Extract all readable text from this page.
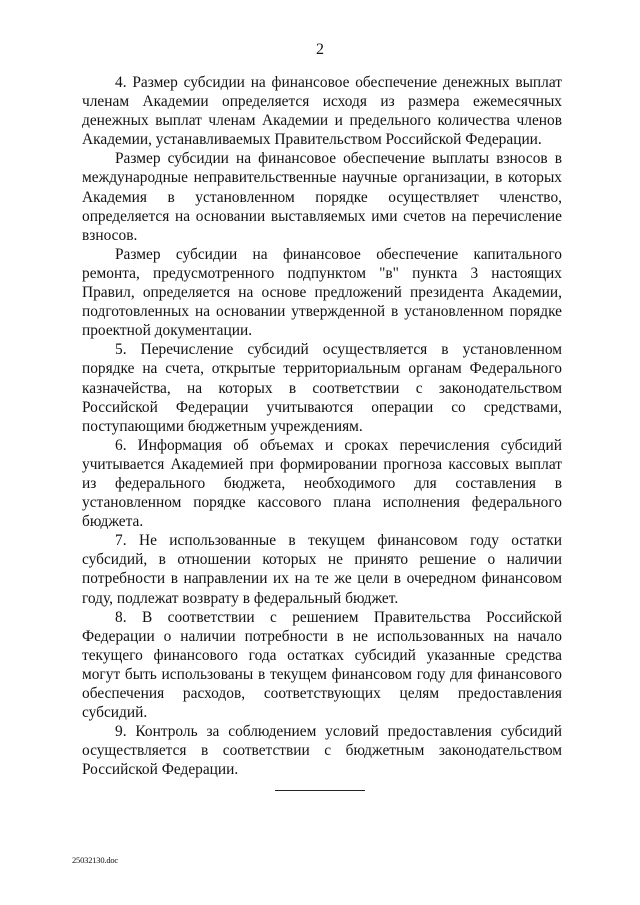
2

4. Размер субсидии на финансовое обеспечение денежных выплат членам Академии определяется исходя из размера ежемесячных денежных выплат членам Академии и предельного количества членов Академии, устанавливаемых Правительством Российской Федерации.

Размер субсидии на финансовое обеспечение выплаты взносов в международные неправительственные научные организации, в которых Академия в установленном порядке осуществляет членство, определяется на основании выставляемых ими счетов на перечисление взносов.

Размер субсидии на финансовое обеспечение капитального ремонта, предусмотренного подпунктом "в" пункта 3 настоящих Правил, определяется на основе предложений президента Академии, подготовленных на основании утвержденной в установленном порядке проектной документации.

5. Перечисление субсидий осуществляется в установленном порядке на счета, открытые территориальным органам Федерального казначейства, на которых в соответствии с законодательством Российской Федерации учитываются операции со средствами, поступающими бюджетным учреждениям.

6. Информация об объемах и сроках перечисления субсидий учитывается Академией при формировании прогноза кассовых выплат из федерального бюджета, необходимого для составления в установленном порядке кассового плана исполнения федерального бюджета.

7. Не использованные в текущем финансовом году остатки субсидий, в отношении которых не принято решение о наличии потребности в направлении их на те же цели в очередном финансовом году, подлежат возврату в федеральный бюджет.

8. В соответствии с решением Правительства Российской Федерации о наличии потребности в не использованных на начало текущего финансового года остатках субсидий указанные средства могут быть использованы в текущем финансовом году для финансового обеспечения расходов, соответствующих целям предоставления субсидий.

9. Контроль за соблюдением условий предоставления субсидий осуществляется в соответствии с бюджетным законодательством Российской Федерации.

25032130.doc
